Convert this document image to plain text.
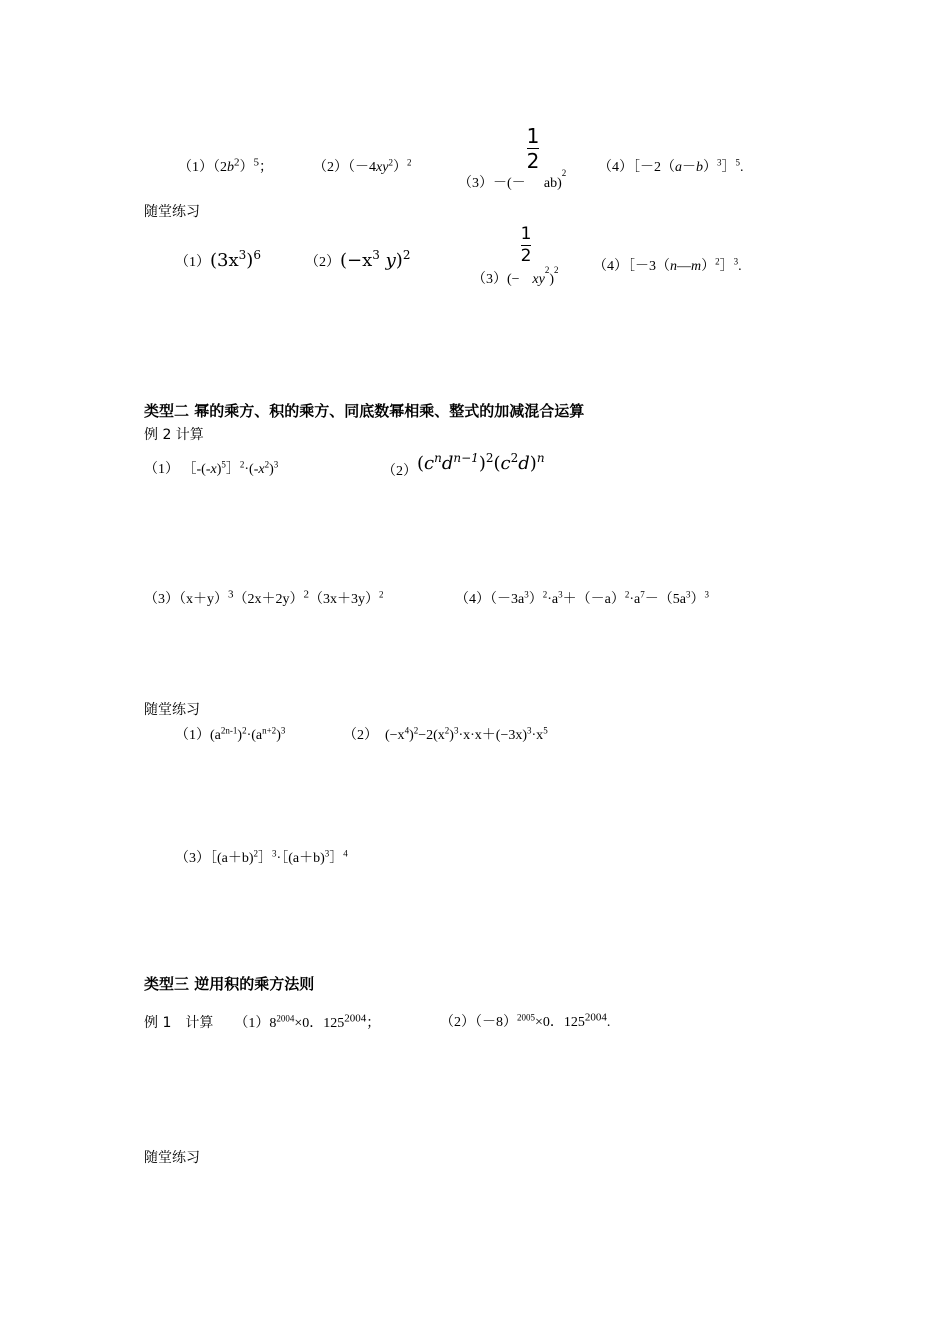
$(1)(2b^2)^5$；	$(2)(-4xy^2)^2$
（3）－(－
$\frac{1}{2}$
ab)$^2$ $(4)[-2(a-b)^3]^5$.
随堂练习
$(1)(3x^3)^6$	$(2)(-x^3$ y)$^2$
（3）(−
$\frac{1}{2}$
$xy^2)^2$ （4）［－3（n—m）$^2$］$^3$.
类型二 幂的乘方、积的乘方、同底数幂相乘、整式的加减混合运算
例 2 计算
（1） $[-(-x)^5]^2\cdot(-x^2)^3$	$(2)(c^nd^{n-1})^2(c^2d)^n$
$(3)(x+y)^3(2x+2y)^2(3x+3y)^2$	$(4)(-3a^3)^2\cdot a^3+(-a)^2\cdot a^7-(5a^3)^3$
随堂练习
$(1)(a^{2n-1})^2\cdot(a^{n+2})^3$	（2）　 $(-x^4)^2-2(x^2)^3\cdot x\cdot x+(-3x)^3\cdot x^5$
$(3)[(a+b)^2]^3\cdot[(a+b)^3]^4$
类型三 逆用积的乘方法则
例 1　计算　　 $(1)8^{2004}\times 0$．$125^{2004}$；	$(2)(-8)^{2005}\times 0$．$125^{2004}$.
随堂练习
